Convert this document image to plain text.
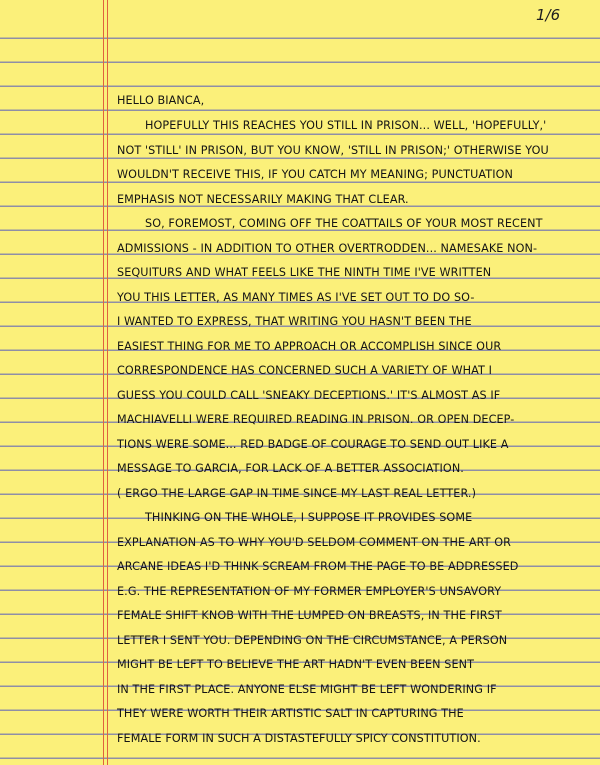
1/6
HELLO BIANCA,
HOPEFULLY THIS REACHES YOU STILL IN PRISON... WELL, 'HOPEFULLY,'
NOT 'STILL' IN PRISON, BUT YOU KNOW, 'STILL IN PRISON;' OTHERWISE YOU
WOULDN'T RECEIVE THIS, IF YOU CATCH MY MEANING; PUNCTUATION
EMPHASIS NOT NECESSARILY MAKING THAT CLEAR.
SO, FOREMOST, COMING OFF THE COATTAILS OF YOUR MOST RECENT
ADMISSIONS - IN ADDITION TO OTHER OVERTRODDEN... NAMESAKE NON-
SEQUITURS AND WHAT FEELS LIKE THE NINTH TIME I'VE WRITTEN
YOU THIS LETTER, AS MANY TIMES AS I'VE SET OUT TO DO SO-
I WANTED TO EXPRESS, THAT WRITING YOU HASN'T BEEN THE
EASIEST THING FOR ME TO APPROACH OR ACCOMPLISH SINCE OUR
CORRESPONDENCE HAS CONCERNED SUCH A VARIETY OF WHAT I
GUESS YOU COULD CALL 'SNEAKY DECEPTIONS.' IT'S ALMOST AS IF
MACHIAVELLI WERE REQUIRED READING IN PRISON. OR OPEN DECEP-
TIONS WERE SOME... RED BADGE OF COURAGE TO SEND OUT LIKE A
MESSAGE TO GARCIA, FOR LACK OF A BETTER ASSOCIATION.
( ERGO THE LARGE GAP IN TIME SINCE MY LAST REAL LETTER.)
THINKING ON THE WHOLE, I SUPPOSE IT PROVIDES SOME
EXPLANATION AS TO WHY YOU'D SELDOM COMMENT ON THE ART OR
ARCANE IDEAS I'D THINK SCREAM FROM THE PAGE TO BE ADDRESSED
E.G. THE REPRESENTATION OF MY FORMER EMPLOYER'S UNSAVORY
FEMALE SHIFT KNOB WITH THE LUMPED ON BREASTS, IN THE FIRST
LETTER I SENT YOU. DEPENDING ON THE CIRCUMSTANCE, A PERSON
MIGHT BE LEFT TO BELIEVE THE ART HADN'T EVEN BEEN SENT
IN THE FIRST PLACE. ANYONE ELSE MIGHT BE LEFT WONDERING IF
THEY WERE WORTH THEIR ARTISTIC SALT IN CAPTURING THE
FEMALE FORM IN SUCH A DISTASTEFULLY SPICY CONSTITUTION.
